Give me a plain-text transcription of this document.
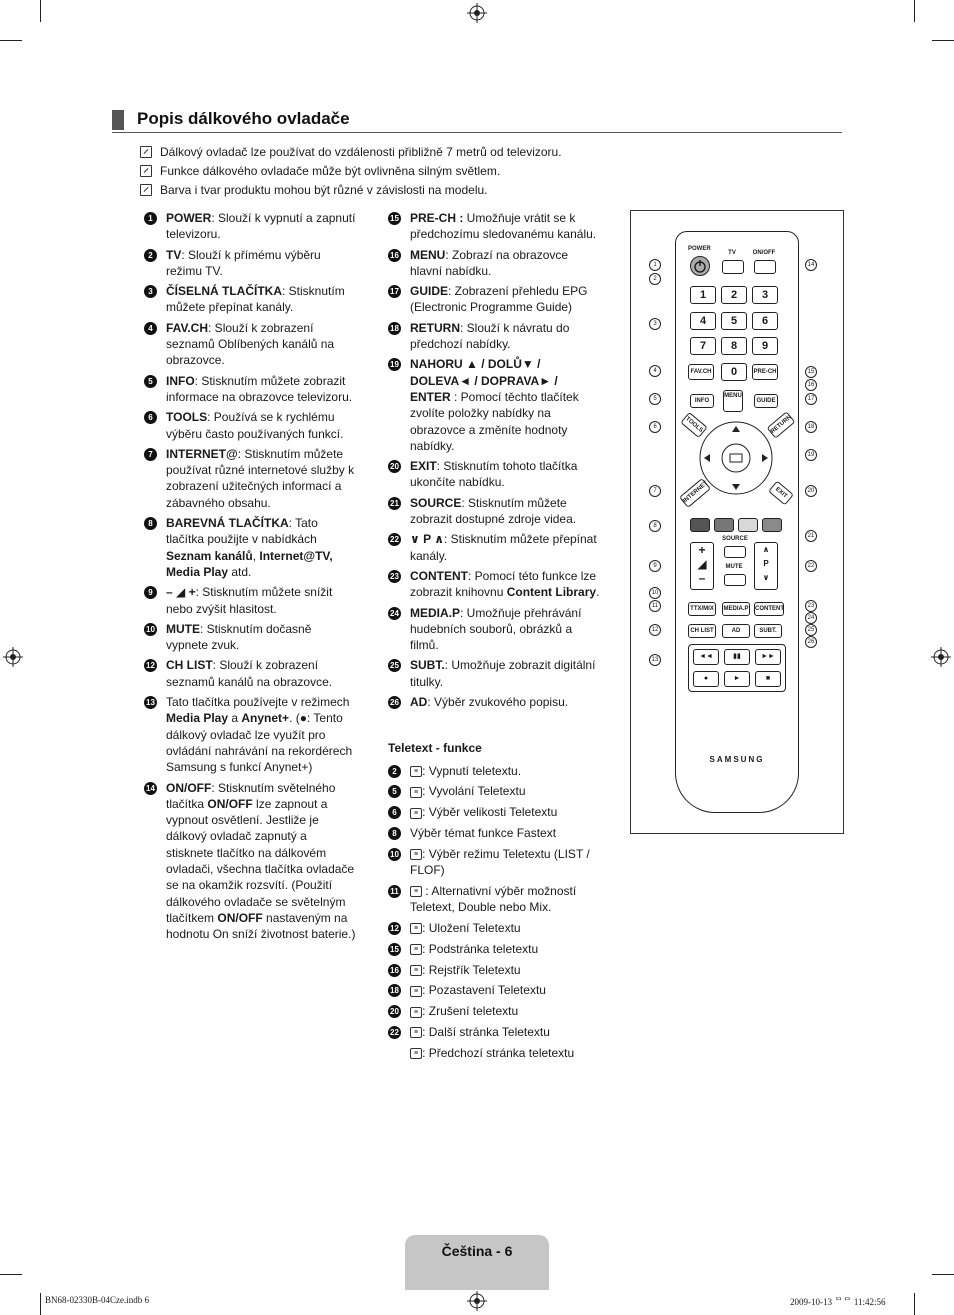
Popis dálkového ovladače
Dálkový ovladač lze používat do vzdálenosti přibližně 7 metrů od televizoru.
Funkce dálkového ovladače může být ovlivněna silným světlem.
Barva i tvar produktu mohou být různé v závislosti na modelu.
1	POWER: Slouží k vypnutí a zapnutí televizoru.
2	TV: Slouží k přímému výběru režimu TV.
3	ČÍSELNÁ TLAČÍTKA: Stisknutím můžete přepínat kanály.
4	FAV.CH: Slouží k zobrazení seznamů Oblíbených kanálů na obrazovce.
5	INFO: Stisknutím můžete zobrazit informace na obrazovce televizoru.
6	TOOLS: Používá se k rychlému výběru často používaných funkcí.
7	INTERNET@: Stisknutím můžete používat různé internetové služby k zobrazení užitečných informací a zábavného obsahu.
8	BAREVNÁ TLAČÍTKA: Tato tlačítka použijte v nabídkách Seznam kanálů, Internet@TV, Media Play atd.
9	– ◢ +: Stisknutím můžete snížit nebo zvýšit hlasitost.
10 MUTE: Stisknutím dočasně vypnete zvuk.
12 CH LIST: Slouží k zobrazení seznamů kanálů na obrazovce.
13 Tato tlačítka používejte v režimech Media Play a Anynet+. (●: Tento dálkový ovladač lze využít pro ovládání nahrávání na rekordérech Samsung s funkcí Anynet+)
14 ON/OFF: Stisknutím světelného tlačítka ON/OFF lze zapnout a vypnout osvětlení. Jestliže je dálkový ovladač zapnutý a stisknete tlačítko na dálkovém ovladači, všechna tlačítka ovladače se na okamžik rozsvítí. (Použití dálkového ovladače se světelným tlačítkem ON/OFF nastaveným na hodnotu On sníží životnost baterie.)
15 PRE-CH : Umožňuje vrátit se k předchozímu sledovanému kanálu.
16 MENU: Zobrazí na obrazovce hlavní nabídku.
17 GUIDE: Zobrazení přehledu EPG (Electronic Programme Guide)
18 RETURN: Slouží k návratu do předchozí nabídky.
19 NAHORU ▲ / DOLŮ▼ / DOLEVA◄ / DOPRAVA► / ENTER : Pomocí těchto tlačítek zvolíte položky nabídky na obrazovce a změníte hodnoty nabídky.
20 EXIT: Stisknutím tohoto tlačítka ukončíte nabídku.
21 SOURCE: Stisknutím můžete zobrazit dostupné zdroje videa.
22 ∨ P ∧: Stisknutím můžete přepínat kanály.
23 CONTENT: Pomocí této funkce lze zobrazit knihovnu Content Library.
24 MEDIA.P: Umožňuje přehrávání hudebních souborů, obrázků a filmů.
25 SUBT.: Umožňuje zobrazit digitální titulky.
26 AD: Výběr zvukového popisu.
Teletext - funkce
2	≡ : Vypnutí teletextu.
5	≡ : Vyvolání Teletextu
6	≡ : Výběr velikosti Teletextu
8	Výběr témat funkce Fastext
10 ≡ : Výběr režimu Teletextu (LIST / FLOF)
11	≡ : Alternativní výběr možností Teletext, Double nebo Mix.
12 ≡ : Uložení Teletextu
15 ≡ : Podstránka teletextu
16 ≡ : Rejstřík Teletextu
18 ≡ : Pozastavení Teletextu
20 ≡ : Zrušení teletextu
22 ≡ : Další stránka Teletextu
≡ : Předchozí stránka teletextu
POWER
TV	ON/OFF
1	2	3
4	5	6
7	8	9
0
FAV.CH	PRE-CH
INFO
MENU
GUIDE
TOOLS	RETURN
INTERNET	EXIT
+
◢
–
SOURCE
MUTE
∧
P
∨
TTX/MIX	MEDIA.P CONTENT
CH LIST	AD	SUBT.
◄◄	▮▮	►►
●	►	■
SAMSUNG
1
2
3
4
5
6
7
8
9
10
11
12
13
14
15
16
17
18
19
20
21
22
23
24
25
26
Čeština - 6
BN68-02330B-04Cze.indb 6	2009-10-13 ᄆᄆ 11:42:56
